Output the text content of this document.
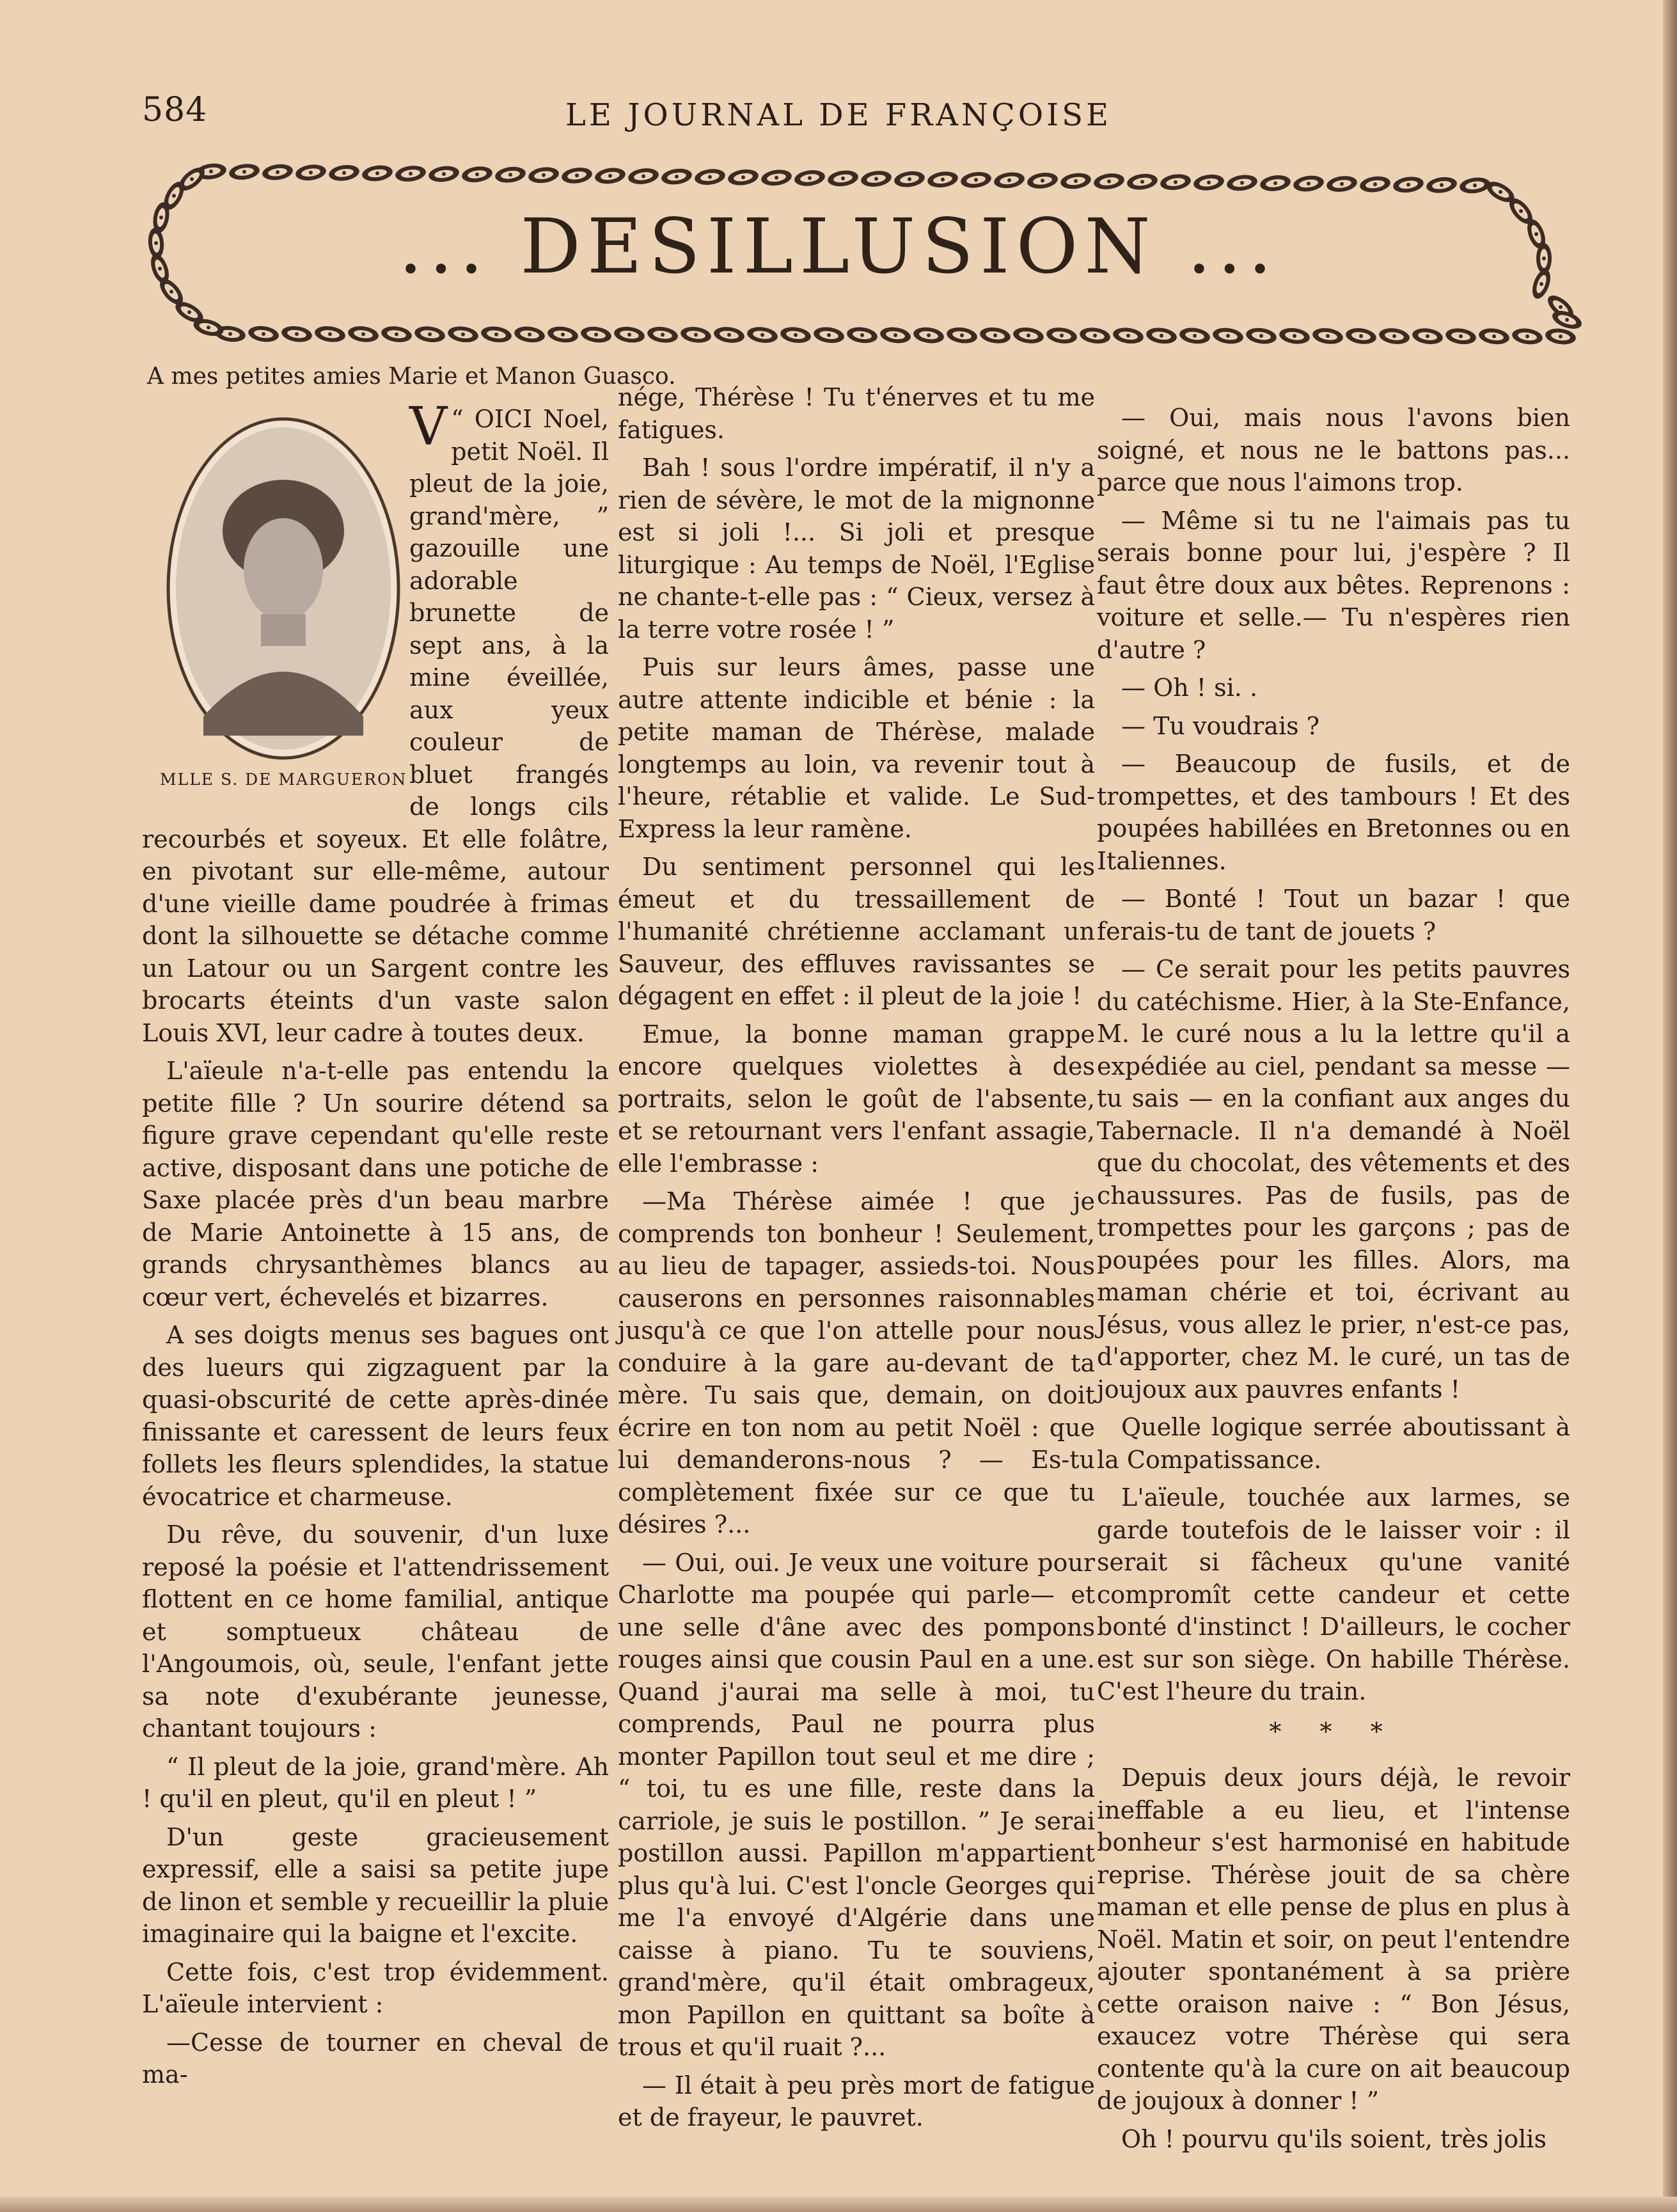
584	LE JOURNAL DE FRANÇOISE
... DESILLUSION ...
A mes petites amies Marie et Manon Guasco.
MLLE S. DE MARGUERON

“
V OICI Noel, petit Noël. Il pleut de la joie, grand'mère, ” gazouille une adorable brunette de sept ans, à la mine éveillée, aux yeux couleur de bluet frangés de longs cils recourbés et soyeux. Et elle folâtre, en pivotant sur elle-même, autour d'une vieille dame poudrée à frimas dont la silhouette se détache comme un Latour ou un Sargent contre les brocarts éteints d'un vaste salon Louis XVI, leur cadre à toutes deux.

L'aïeule n'a-t-elle pas entendu la petite fille ? Un sourire détend sa figure grave cependant qu'elle reste active, disposant dans une potiche de Saxe placée près d'un beau marbre de Marie Antoinette à 15 ans, de grands chrysanthèmes blancs au cœur vert, échevelés et bizarres.

A ses doigts menus ses bagues ont des lueurs qui zigzaguent par la quasi-obscurité de cette après-dinée finissante et caressent de leurs feux follets les fleurs splendides, la statue évocatrice et charmeuse.

Du rêve, du souvenir, d'un luxe reposé la poésie et l'attendrissement flottent en ce home familial, antique et somptueux château de l'Angoumois, où, seule, l'enfant jette sa note d'exubérante jeunesse, chantant toujours :

“ Il pleut de la joie, grand'mère. Ah ! qu'il en pleut, qu'il en pleut ! ”

D'un geste gracieusement expressif, elle a saisi sa petite jupe de linon et semble y recueillir la pluie imaginaire qui la baigne et l'excite.

Cette fois, c'est trop évidemment. L'aïeule intervient :

—Cesse de tourner en cheval de ma-

nége, Thérèse ! Tu t'énerves et tu me fatigues.

Bah ! sous l'ordre impératif, il n'y a rien de sévère, le mot de la mignonne est si joli !... Si joli et presque liturgique : Au temps de Noël, l'Eglise ne chante-t-elle pas : “ Cieux, versez à la terre votre rosée ! ”

Puis sur leurs âmes, passe une autre attente indicible et bénie : la petite maman de Thérèse, malade longtemps au loin, va revenir tout à l'heure, rétablie et valide. Le Sud-Express la leur ramène.

Du sentiment personnel qui les émeut et du tressaillement de l'humanité chrétienne acclamant un Sauveur, des effluves ravissantes se dégagent en effet : il pleut de la joie !

Emue, la bonne maman grappe encore quelques violettes à des portraits, selon le goût de l'absente, et se retournant vers l'enfant assagie, elle l'embrasse :

—Ma Thérèse aimée ! que je comprends ton bonheur ! Seulement, au lieu de tapager, assieds-toi. Nous causerons en personnes raisonnables jusqu'à ce que l'on attelle pour nous conduire à la gare au-devant de ta mère. Tu sais que, demain, on doit écrire en ton nom au petit Noël : que lui demanderons-nous ? — Es-tu complètement fixée sur ce que tu désires ?...

— Oui, oui. Je veux une voiture pour Charlotte ma poupée qui parle— et une selle d'âne avec des pompons rouges ainsi que cousin Paul en a une. Quand j'aurai ma selle à moi, tu comprends, Paul ne pourra plus monter Papillon tout seul et me dire ; “ toi, tu es une fille, reste dans la carriole, je suis le postillon. ” Je serai postillon aussi. Papillon m'appartient plus qu'à lui. C'est l'oncle Georges qui me l'a envoyé d'Algérie dans une caisse à piano. Tu te souviens, grand'mère, qu'il était ombrageux, mon Papillon en quittant sa boîte à trous et qu'il ruait ?...

— Il était à peu près mort de fatigue et de frayeur, le pauvret.

— Oui, mais nous l'avons bien soigné, et nous ne le battons pas... parce que nous l'aimons trop.

— Même si tu ne l'aimais pas tu serais bonne pour lui, j'espère ? Il faut être doux aux bêtes. Reprenons : voiture et selle.— Tu n'espères rien d'autre ?

— Oh ! si. .

— Tu voudrais ?

— Beaucoup de fusils, et de trompettes, et des tambours ! Et des poupées habillées en Bretonnes ou en Italiennes.

— Bonté ! Tout un bazar ! que ferais-tu de tant de jouets ?

— Ce serait pour les petits pauvres du catéchisme. Hier, à la Ste-Enfance, M. le curé nous a lu la lettre qu'il a expédiée au ciel, pendant sa messe — tu sais — en la confiant aux anges du Tabernacle. Il n'a demandé à Noël que du chocolat, des vêtements et des chaussures. Pas de fusils, pas de trompettes pour les garçons ; pas de poupées pour les filles. Alors, ma maman chérie et toi, écrivant au Jésus, vous allez le prier, n'est-ce pas, d'apporter, chez M. le curé, un tas de joujoux aux pauvres enfants !

Quelle logique serrée aboutissant à la Compatissance.

L'aïeule, touchée aux larmes, se garde toutefois de le laisser voir : il serait si fâcheux qu'une vanité compromît cette candeur et cette bonté d'instinct ! D'ailleurs, le cocher est sur son siège. On habille Thérèse. C'est l'heure du train.

* * *

Depuis deux jours déjà, le revoir ineffable a eu lieu, et l'intense bonheur s'est harmonisé en habitude reprise. Thérèse jouit de sa chère maman et elle pense de plus en plus à Noël. Matin et soir, on peut l'entendre ajouter spontanément à sa prière cette oraison naive : “ Bon Jésus, exaucez votre Thérèse qui sera contente qu'à la cure on ait beaucoup de joujoux à donner ! ”

Oh ! pourvu qu'ils soient, très jolis
